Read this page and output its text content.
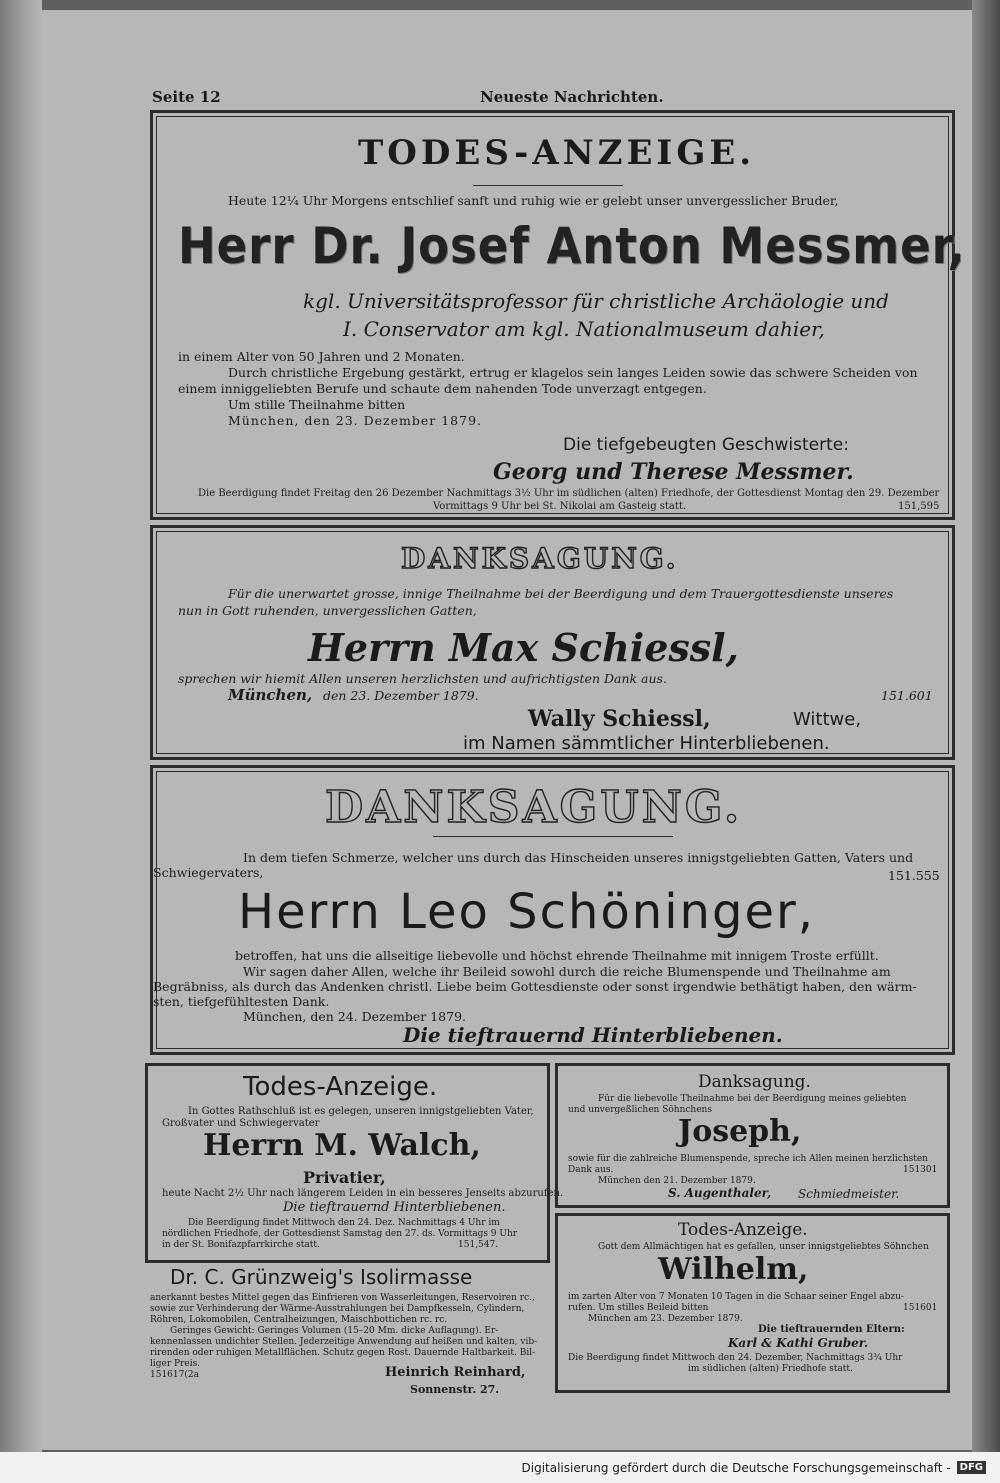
Seite 12	Neueste Nachrichten.
TODES-ANZEIGE.
Heute 12¼ Uhr Morgens entschlief sanft und ruhig wie er gelebt unser unvergesslicher Bruder,
Herr Dr. Josef Anton Messmer,
kgl. Universitätsprofessor für christliche Archäologie und
I. Conservator am kgl. Nationalmuseum dahier,
in einem Alter von 50 Jahren und 2 Monaten.
Durch christliche Ergebung gestärkt, ertrug er klagelos sein langes Leiden sowie das schwere Scheiden von
einem inniggeliebten Berufe und schaute dem nahenden Tode unverzagt entgegen.
Um stille Theilnahme bitten
München, den 23. Dezember 1879.
Die tiefgebeugten Geschwisterte:
Georg und Therese Messmer.
Die Beerdigung findet Freitag den 26 Dezember Nachmittags 3½ Uhr im südlichen (alten) Friedhofe, der Gottesdienst Montag den 29. Dezember
Vormittags 9 Uhr bei St. Nikolai am Gasteig statt.	151,595
DANKSAGUNG.
Für die unerwartet grosse, innige Theilnahme bei der Beerdigung und dem Trauergottesdienste unseres
nun in Gott ruhenden, unvergesslichen Gatten,
Herrn Max Schiessl,
sprechen wir hiemit Allen unseren herzlichsten und aufrichtigsten Dank aus.
München, den 23. Dezember 1879.	151.601
Wally Schiessl,	Wittwe,
im Namen sämmtlicher Hinterbliebenen.
DANKSAGUNG.
In dem tiefen Schmerze, welcher uns durch das Hinscheiden unseres innigstgeliebten Gatten, Vaters und
Schwiegervaters,	151.555
Herrn Leo Schöninger,
betroffen, hat uns die allseitige liebevolle und höchst ehrende Theilnahme mit innigem Troste erfüllt.
Wir sagen daher Allen, welche ihr Beileid sowohl durch die reiche Blumenspende und Theilnahme am
Begräbniss, als durch das Andenken christl. Liebe beim Gottesdienste oder sonst irgendwie bethätigt haben, den wärm-
sten, tiefgefühltesten Dank.
München, den 24. Dezember 1879.
Die tieftrauernd Hinterbliebenen.
Todes-Anzeige.
In Gottes Rathschluß ist es gelegen, unseren innigstgeliebten Vater,
Großvater und Schwiegervater
Herrn M. Walch,
Privatier,
heute Nacht 2½ Uhr nach längerem Leiden in ein besseres Jenseits abzurufen.
Die tieftrauernd Hinterbliebenen.
Die Beerdigung findet Mittwoch den 24. Dez. Nachmittags 4 Uhr im
nördlichen Friedhofe, der Gottesdienst Samstag den 27. ds. Vormittags 9 Uhr
in der St. Bonifazpfarrkirche statt.	151,547.
Dr. C. Grünzweig's Isolirmasse
anerkannt bestes Mittel gegen das Einfrieren von Wasserleitungen, Reservoiren rc.,
sowie zur Verhinderung der Wärme-Ausstrahlungen bei Dampfkesseln, Cylindern,
Röhren, Lokomobilen, Centralheizungen, Maischbottichen rc. rc.
Geringes Gewicht: Geringes Volumen (15–20 Mm. dicke Auflagung). Er-
kennenlassen undichter Stellen. Jederzeitige Anwendung auf heißen und kalten, vib-
rirenden oder ruhigen Metallflächen. Schutz gegen Rost. Dauernde Haltbarkeit. Bil-
liger Preis.
151617(2a	Heinrich Reinhard,
Sonnenstr. 27.
Danksagung.
Für die liebevolle Theilnahme bei der Beerdigung meines geliebten
und unvergeßlichen Söhnchens
Joseph,
sowie für die zahlreiche Blumenspende, spreche ich Allen meinen herzlichsten
Dank aus.	151301
München den 21. Dezember 1879.
S. Augenthaler, Schmiedmeister.
Todes-Anzeige.
Gott dem Allmächtigen hat es gefallen, unser innigstgeliebtes Söhnchen
Wilhelm,
im zarten Alter von 7 Monaten 10 Tagen in die Schaar seiner Engel abzu-
rufen. Um stilles Beileid bitten	151601
München am 23. Dezember 1879.
Die tieftrauernden Eltern:
Karl & Kathi Gruber.
Die Beerdigung findet Mittwoch den 24. Dezember, Nachmittags 3¾ Uhr
im südlichen (alten) Friedhofe statt.
Digitalisierung gefördert durch die Deutsche Forschungsgemeinschaft - DFG
